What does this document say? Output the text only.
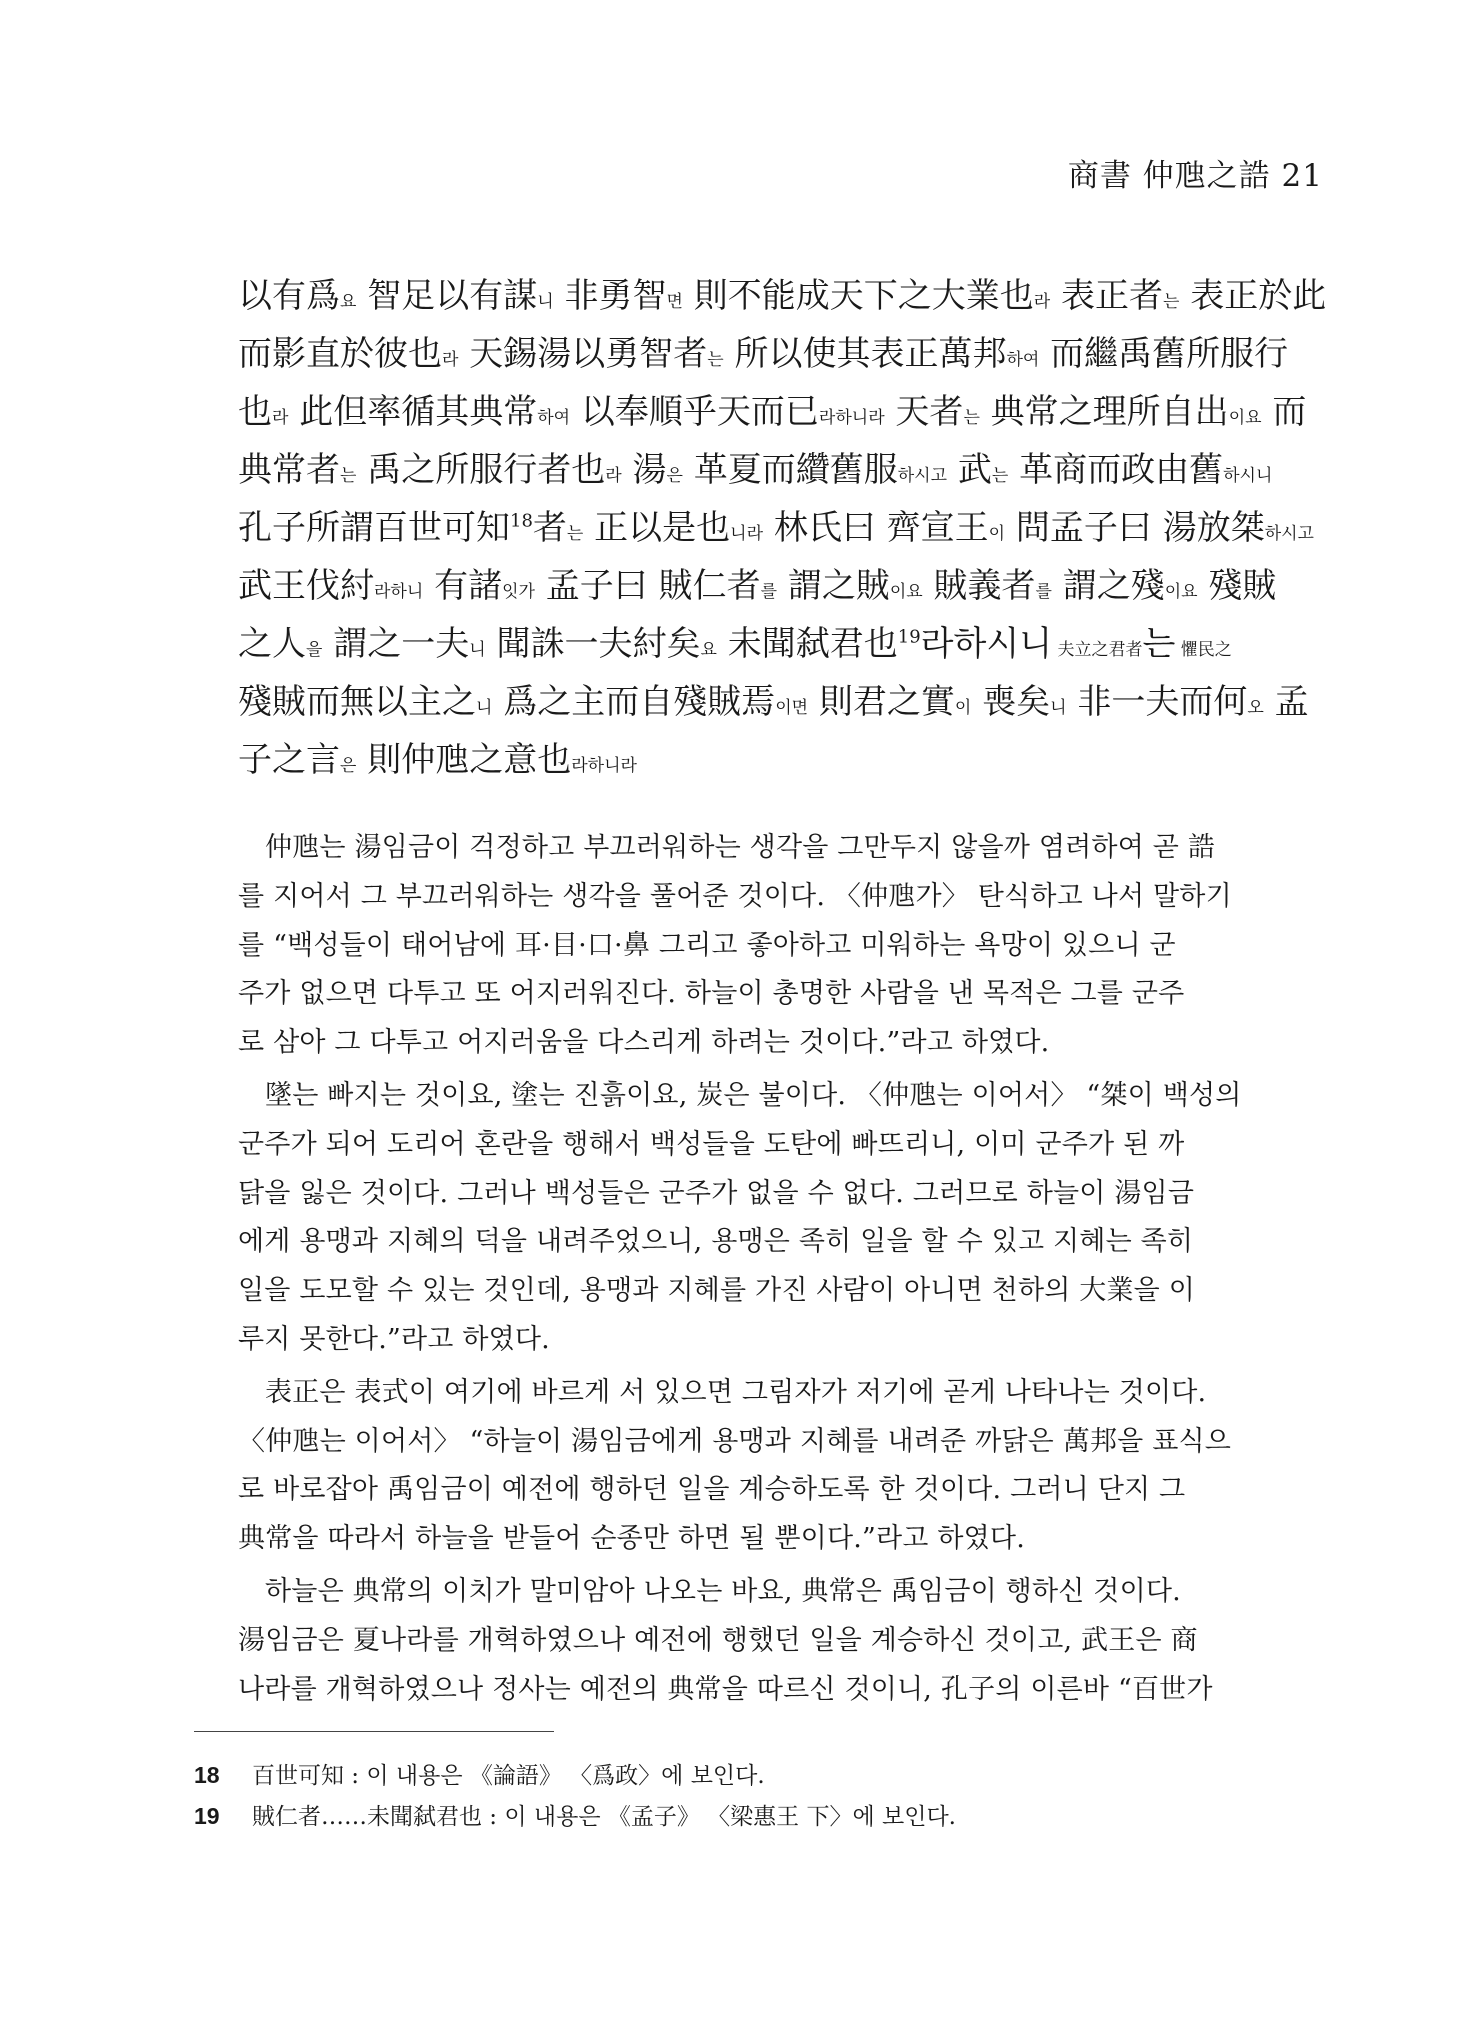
商書 仲虺之誥 21

以有爲요 智足以有謀니 非勇智면 則不能成天下之大業也라 表正者는 表正於此

而影直於彼也라 天錫湯以勇智者는 所以使其表正萬邦하여 而繼禹舊所服行

也라 此但率循其典常하여 以奉順乎天而已라하니라 天者는 典常之理所自出이요 而

典常者는 禹之所服行者也라 湯은 革夏而纘舊服하시고 武는 革商而政由舊하시니

孔子所謂百世可知$^{18}$者는 正以是也니라 林氏曰 齊宣王이 問孟子曰 湯放桀하시고

武王伐紂라하니 有諸잇가 孟子曰 賊仁者를 謂之賊이요 賊義者를 謂之殘이요 殘賊

之人을 謂之一夫니 聞誅一夫紂矣요 未聞弑君也$^{19}$라하시니 夫立之君者는 懼民之

殘賊而無以主之니 爲之主而自殘賊焉이면 則君之實이 喪矣니 非一夫而何오 孟

子之言은 則仲虺之意也라하니라

仲虺는 湯임금이 걱정하고 부끄러워하는 생각을 그만두지 않을까 염려하여 곧 誥

를 지어서 그 부끄러워하는 생각을 풀어준 것이다. 〈仲虺가〉 탄식하고 나서 말하기

를 “백성들이 태어남에 耳·目·口·鼻 그리고 좋아하고 미워하는 욕망이 있으니 군

주가 없으면 다투고 또 어지러워진다. 하늘이 총명한 사람을 낸 목적은 그를 군주

로 삼아 그 다투고 어지러움을 다스리게 하려는 것이다.”라고 하였다.

墜는 빠지는 것이요, 塗는 진흙이요, 炭은 불이다. 〈仲虺는 이어서〉 “桀이 백성의

군주가 되어 도리어 혼란을 행해서 백성들을 도탄에 빠뜨리니, 이미 군주가 된 까

닭을 잃은 것이다. 그러나 백성들은 군주가 없을 수 없다. 그러므로 하늘이 湯임금

에게 용맹과 지혜의 덕을 내려주었으니, 용맹은 족히 일을 할 수 있고 지혜는 족히

일을 도모할 수 있는 것인데, 용맹과 지혜를 가진 사람이 아니면 천하의 大業을 이

루지 못한다.”라고 하였다.

表正은 表式이 여기에 바르게 서 있으면 그림자가 저기에 곧게 나타나는 것이다.

〈仲虺는 이어서〉 “하늘이 湯임금에게 용맹과 지혜를 내려준 까닭은 萬邦을 표식으

로 바로잡아 禹임금이 예전에 행하던 일을 계승하도록 한 것이다. 그러니 단지 그

典常을 따라서 하늘을 받들어 순종만 하면 될 뿐이다.”라고 하였다.

하늘은 典常의 이치가 말미암아 나오는 바요, 典常은 禹임금이 행하신 것이다.

湯임금은 夏나라를 개혁하였으나 예전에 행했던 일을 계승하신 것이고, 武王은 商

나라를 개혁하였으나 정사는 예전의 典常을 따르신 것이니, 孔子의 이른바 “百世가

18 百世可知 : 이 내용은 《論語》 〈爲政〉에 보인다.
19 賊仁者……未聞弑君也 : 이 내용은 《孟子》 〈梁惠王 下〉에 보인다.
